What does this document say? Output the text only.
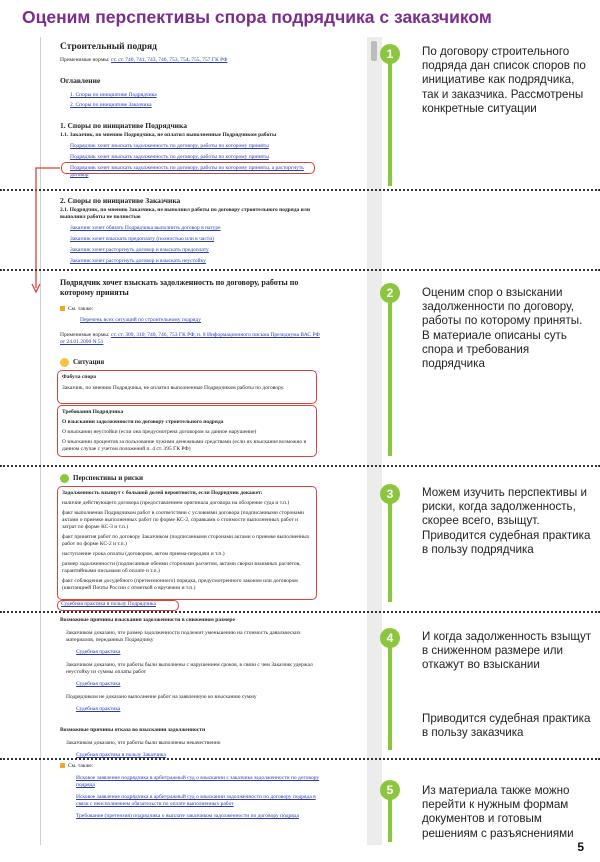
Оценим перспективы спора подрядчика с заказчиком
Строительный подряд
Применимые нормы: ст. ст. 740, 741, 743, 746, 753, 754, 755, 757 ГК РФ
Оглавление
1. Споры по инициативе Подрядчика
2. Споры по инициативе Заказчика
1. Споры по инициативе Подрядчика
1.1. Заказчик, по мнению Подрядчика, не оплатил выполненные Подрядчиком работы
Подрядчик хочет взыскать задолженность по договору, работы по которому приняты
Подрядчик хочет взыскать задолженность по договору, работы по которому приняты
Подрядчик хочет взыскать задолженность по договору, работы по которому приняты, а расторгнуть договор
2. Споры по инициативе Заказчика
2.1. Подрядчик, по мнению Заказчика, не выполнил работы по договору строительного подряда или выполнил работы не полностью
Заказчик хочет обязать Подрядчика выполнить договор в натуре
Заказчик хочет взыскать предоплату (полностью или в части)
Заказчик хочет расторгнуть договор и взыскать предоплату
Заказчик хочет расторгнуть договор и взыскать неустойку
Подрядчик хочет взыскать задолженность по договору, работы по которому приняты
См. также:
Перечень всех ситуаций по строительному подряду
Применимые нормы: ст. ст. 309, 310, 740, 746, 753 ГК РФ, п. 8 Информационного письма Президиума ВАС РФ от 24.01.2000 N 51
Ситуация
Фабула спора
Заказчик, по мнению Подрядчика, не оплатил выполненные Подрядчиком работы по договору.
Требования Подрядчика
О взыскании задолженности по договору строительного подряда
О взыскании неустойки (если она предусмотрена договором за данное нарушение)
О взыскании процентов за пользование чужими денежными средствами (если их взыскание возможно в данном случае с учетом положений п. 4 ст. 395 ГК РФ)
Перспективы и риски
Задолженность взыщут с большой долей вероятности, если Подрядчик докажет:
наличие действующего договора (предоставлением оригинала договора на обозрение суда и т.п.)
факт выполнения Подрядчиком работ в соответствии с условиями договора (подписанными сторонами актами о приемке выполненных работ по форме КС-2, справками о стоимости выполненных работ и затрат по форме КС-3 и т.п.)
факт принятия работ по договору Заказчиком (подписанными сторонами актами о приемке выполненных работ по форме КС-2 и т.п.)
наступление срока оплаты (договором, актом приема-передачи и т.п.)
размер задолженности (подписанные обеими сторонами расчетом, актами сверки взаимных расчетов, гарантийными письмами об оплате и т.п.)
факт соблюдения досудебного (претензионного) порядка, предусмотренного законом или договором (квитанцией Почты России с отметкой о вручении и т.п.)
Судебная практика в пользу Подрядчика
Возможные причины взыскания задолженности в сниженном размере
Заказчиком доказано, что размер задолженности подлежит уменьшению на стоимость давальческих материалов, переданных Подрядчику
Судебная практика
Заказчиком доказано, что работы были выполнены с нарушением сроков, в связи с чем Заказчик удержал неустойку из суммы оплаты работ
Судебная практика
Подрядчиком не доказано выполнение работ на заявленную ко взысканию сумму
Судебная практика
Возможные причины отказа во взыскании задолженности
Заказчиком доказано, что работы были выполнены некачественно
Судебная практика в пользу Заказчика
См. также:
Исковое заявление подрядчика в арбитражный суд о взыскании с заказчика задолженности по договору подряда
Исковое заявление подрядчика в арбитражный суд о взыскании задолженности по договору подряда в связи с неисполнением обязательств по оплате выполненных работ
Требование (претензия) подрядчика о выплате заказчиком задолженности по договору подряда
1
2
3
4
5
По договору строительного подряда дан список споров по инициативе как подрядчика, так и заказчика. Рассмотрены конкретные ситуации
Оценим спор о взыскании задолженности по договору, работы по которому приняты. В материале описаны суть спора и требования подрядчика
Можем изучить перспективы и риски, когда задолженность, скорее всего, взыщут. Приводится судебная практика в пользу подрядчика
И когда задолженность взыщут в сниженном размере или откажут во взыскании
Приводится судебная практика в пользу заказчика
Из материала также можно перейти к нужным формам документов и готовым решениям с разъяснениями
5
